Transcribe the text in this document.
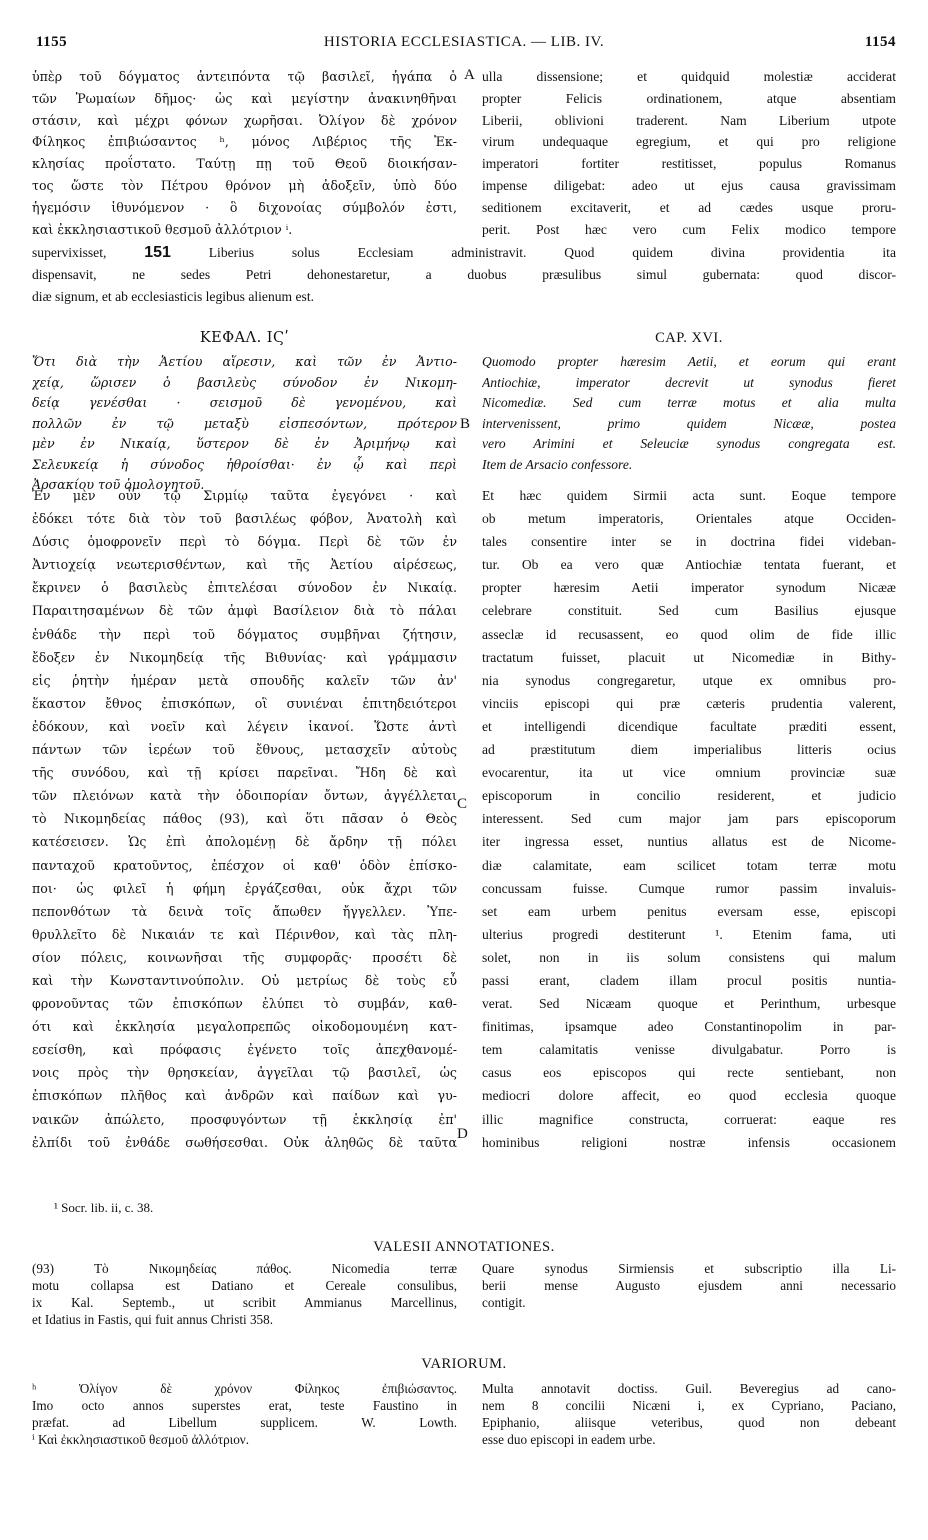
1155	HISTORIA ECCLESIASTICA. — LIB. IV.	1154
ὑπὲρ τοῦ δόγματος ἀντειπόντα τῷ βασιλεῖ, ἠγάπα ὁ
τῶν Ῥωμαίων δῆμος· ὡς καὶ μεγίστην ἀνακινηθῆναι
στάσιν, καὶ μέχρι φόνων χωρῆσαι. Ὀλίγον δὲ χρόνον
Φίληκος ἐπιβιώσαντος ʰ, μόνος Λιβέριος τῆς Ἐκ-
κλησίας προΐστατο. Ταύτῃ πῃ τοῦ Θεοῦ διοικήσαν-
τος ὥστε τὸν Πέτρου θρόνον μὴ ἀδοξεῖν, ὑπὸ δύο
ἡγεμόσιν ἰθυνόμενον · ὃ διχονοίας σύμβολόν ἐστι,
καὶ ἐκκλησιαστικοῦ θεσμοῦ ἀλλότριον ⁱ.
ulla dissensione; et quidquid molestiæ acciderat
propter Felicis ordinationem, atque absentiam
Liberii, oblivioni traderent. Nam Liberium utpote
virum undequaque egregium, et qui pro religione
imperatori fortiter restitisset, populus Romanus
impense diligebat: adeo ut ejus causa gravissimam
seditionem excitaverit, et ad cædes usque proru-
perit. Post hæc vero cum Felix modico tempore
A
supervixisset, 151	Liberius solus Ecclesiam administravit. Quod quidem divina providentia ita
dispensavit, ne sedes Petri dehonestaretur, a duobus præsulibus simul gubernata: quod discor-
diæ signum, et ab ecclesiasticis legibus alienum est.
ΚΕΦΑΛ. ΙϚʹ	CAP. XVI.
Ὅτι διὰ τὴν Ἀετίου αἵρεσιν, καὶ τῶν ἐν Ἀντιο-
χείᾳ, ὥρισεν ὁ βασιλεὺς σύνοδον ἐν Νικομη-
δείᾳ γενέσθαι · σεισμοῦ δὲ γενομένου, καὶ
πολλῶν ἐν τῷ μεταξὺ εἰσπεσόντων, πρότερον
μὲν ἐν Νικαίᾳ, ὕστερον δὲ ἐν Ἀριμήνῳ καὶ
Σελευκείᾳ ἡ σύνοδος ἠθροίσθαι· ἐν ᾧ καὶ περὶ
Ἀρσακίου τοῦ ὁμολογητοῦ.
Quomodo propter hæresim Aetii, et eorum qui erant
Antiochiæ, imperator decrevit ut synodus fieret
Nicomediæ. Sed cum terræ motus et alia multa
intervenissent, primo quidem Nicææ, postea
vero Arimini et Seleuciæ synodus congregata est.
Item de Arsacio confessore.
B
Ἐν μὲν οὖν τῷ Σιρμίῳ ταῦτα ἐγεγόνει · καὶ
ἐδόκει τότε διὰ τὸν τοῦ βασιλέως φόβον, Ἀνατολὴ καὶ
Δύσις ὁμοφρονεῖν περὶ τὸ δόγμα. Περὶ δὲ τῶν ἐν
Ἀντιοχείᾳ νεωτερισθέντων, καὶ τῆς Ἀετίου αἱρέσεως,
ἔκρινεν ὁ βασιλεὺς ἐπιτελέσαι σύνοδον ἐν Νικαίᾳ.
Παραιτησαμένων δὲ τῶν ἀμφὶ Βασίλειον διὰ τὸ πάλαι
ἐνθάδε τὴν περὶ τοῦ δόγματος συμβῆναι ζήτησιν,
ἔδοξεν ἐν Νικομηδείᾳ τῆς Βιθυνίας· καὶ γράμμασιν
εἰς ῥητὴν ἡμέραν μετὰ σπουδῆς καλεῖν τῶν ἀν'
ἕκαστον ἔθνος ἐπισκόπων, οἳ συνιέναι ἐπιτηδειότεροι
ἐδόκουν, καὶ νοεῖν καὶ λέγειν ἱκανοί. Ὥστε ἀντὶ
πάντων τῶν ἱερέων τοῦ ἔθνους, μετασχεῖν αὐτοὺς
τῆς συνόδου, καὶ τῇ κρίσει παρεῖναι. Ἤδη δὲ καὶ
τῶν πλειόνων κατὰ τὴν ὁδοιπορίαν ὄντων, ἀγγέλλεται
τὸ Νικομηδείας πάθος (93), καὶ ὅτι πᾶσαν ὁ Θεὸς
κατέσεισεν. Ὡς ἐπὶ ἀπολομένῃ δὲ ἄρδην τῇ πόλει
πανταχοῦ κρατοῦντος, ἐπέσχον οἱ καθ' ὁδὸν ἐπίσκο-
ποι· ὡς φιλεῖ ἡ φήμη ἐργάζεσθαι, οὐκ ἄχρι τῶν
πεπονθότων τὰ δεινὰ τοῖς ἄπωθεν ἤγγελλεν. Ὑπε-
θρυλλεῖτο δὲ Νικαιάν τε καὶ Πέρινθον, καὶ τὰς πλη-
σίον πόλεις, κοινωνῆσαι τῆς συμφορᾶς· προσέτι δὲ
καὶ τὴν Κωνσταντινούπολιν. Οὐ μετρίως δὲ τοὺς εὖ
φρονοῦντας τῶν ἐπισκόπων ἐλύπει τὸ συμβάν, καθ-
ότι καὶ ἐκκλησία μεγαλοπρεπῶς οἰκοδομουμένη κατ-
εσείσθη, καὶ πρόφασις ἐγένετο τοῖς ἀπεχθανομέ-
νοις πρὸς τὴν θρησκείαν, ἀγγεῖλαι τῷ βασιλεῖ, ὡς
ἐπισκόπων πλῆθος καὶ ἀνδρῶν καὶ παίδων καὶ γυ-
ναικῶν ἀπώλετο, προσφυγόντων τῇ ἐκκλησίᾳ ἐπ'
ἐλπίδι τοῦ ἐνθάδε σωθήσεσθαι. Οὐκ ἀληθῶς δὲ ταῦτα
Et hæc quidem Sirmii acta sunt. Eoque tempore
ob metum imperatoris, Orientales atque Occiden-
tales consentire inter se in doctrina fidei videban-
tur. Ob ea vero quæ Antiochiæ tentata fuerant, et
propter hæresim Aetii imperator synodum Nicææ
celebrare constituit. Sed cum Basilius ejusque
asseclæ id recusassent, eo quod olim de fide illic
tractatum fuisset, placuit ut Nicomediæ in Bithy-
nia synodus congregaretur, utque ex omnibus pro-
vinciis episcopi qui præ cæteris prudentia valerent,
et intelligendi dicendique facultate præditi essent,
ad præstitutum diem imperialibus litteris ocius
evocarentur, ita ut vice omnium provinciæ suæ
episcoporum in concilio residerent, et judicio
interessent. Sed cum major jam pars episcoporum
iter ingressa esset, nuntius allatus est de Nicome-
diæ calamitate, eam scilicet totam terræ motu
concussam fuisse. Cumque rumor passim invaluis-
set eam urbem penitus eversam esse, episcopi
ulterius progredi destiterunt ¹. Etenim fama, uti
solet, non in iis solum consistens qui malum
passi erant, cladem illam procul positis nuntia-
verat. Sed Nicæam quoque et Perinthum, urbesque
finitimas, ipsamque adeo Constantinopolim in par-
tem calamitatis venisse divulgabatur. Porro is
casus eos episcopos qui recte sentiebant, non
mediocri dolore affecit, eo quod ecclesia quoque
illic magnifice constructa, corruerat: eaque res
hominibus religioni nostræ infensis occasionem
C
D
¹ Socr. lib. ii, c. 38.
VALESII ANNOTATIONES.
(93) Τὸ Νικομηδείας πάθος. Nicomedia terræ
motu collapsa est Datiano et Cereale consulibus,
ix Kal. Septemb., ut scribit Ammianus Marcellinus,
et Idatius in Fastis, qui fuit annus Christi 358.
Quare synodus Sirmiensis et subscriptio illa Li-
berii mense Augusto ejusdem anni necessario
contigit.
VARIORUM.
ʰ Ὀλίγον δὲ χρόνον Φίληκος ἐπιβιώσαντος.
Imo octo annos superstes erat, teste Faustino in
præfat. ad Libellum supplicem. W. Lowth.
ⁱ Καὶ ἐκκλησιαστικοῦ θεσμοῦ ἀλλότριον.
Multa annotavit doctiss. Guil. Beveregius ad cano-
nem 8 concilii Nicæni i, ex Cypriano, Paciano,
Epiphanio, aliisque veteribus, quod non debeant
esse duo episcopi in eadem urbe.
